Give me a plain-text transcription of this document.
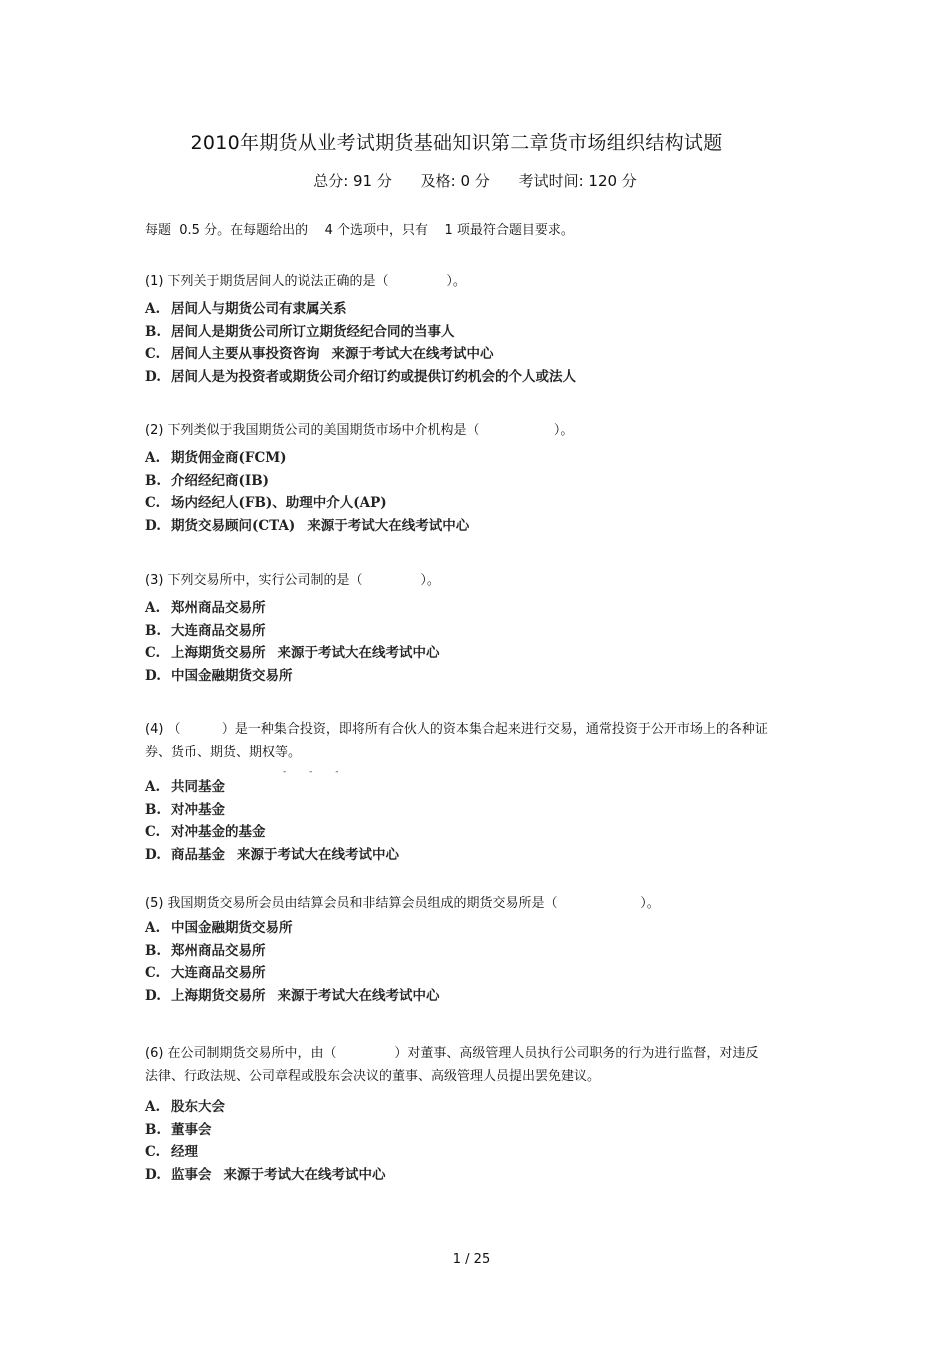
2010年期货从业考试期货基础知识第二章货市场组织结构试题
总分: 91 分 及格: 0 分 考试时间: 120 分
每题  0.5 分。在每题给出的    4 个选项中，只有    1 项最符合题目要求。
(1) 下列关于期货居间人的说法正确的是（              ）。
A. 居间人与期货公司有隶属关系
B. 居间人是期货公司所订立期货经纪合同的当事人
C. 居间人主要从事投资咨询 来源于考试大在线考试中心
D. 居间人是为投资者或期货公司介绍订约或提供订约机会的个人或法人
(2) 下列类似于我国期货公司的美国期货市场中介机构是（                  ）。
A. 期货佣金商(FCM)
B. 介绍经纪商(IB)
C. 场内经纪人(FB)、助理中介人(AP)
D. 期货交易顾问(CTA) 来源于考试大在线考试中心
(3) 下列交易所中，实行公司制的是（              ）。
A. 郑州商品交易所
B. 大连商品交易所
C. 上海期货交易所 来源于考试大在线考试中心
D. 中国金融期货交易所
(4) （          ）是一种集合投资，即将所有合伙人的资本集合起来进行交易，通常投资于公开市场上的各种证券、货币、期货、期权等。
A. 共同基金
B. 对冲基金
C. 对冲基金的基金
D. 商品基金 来源于考试大在线考试中心
‐ ‐ ‐
(5) 我国期货交易所会员由结算会员和非结算会员组成的期货交易所是（                    ）。
A. 中国金融期货交易所
B. 郑州商品交易所
C. 大连商品交易所
D. 上海期货交易所 来源于考试大在线考试中心
(6) 在公司制期货交易所中，由（              ）对董事、高级管理人员执行公司职务的行为进行监督，对违反法律、行政法规、公司章程或股东会决议的董事、高级管理人员提出罢免建议。
A. 股东大会
B. 董事会
C. 经理
D. 监事会 来源于考试大在线考试中心
1 / 25
